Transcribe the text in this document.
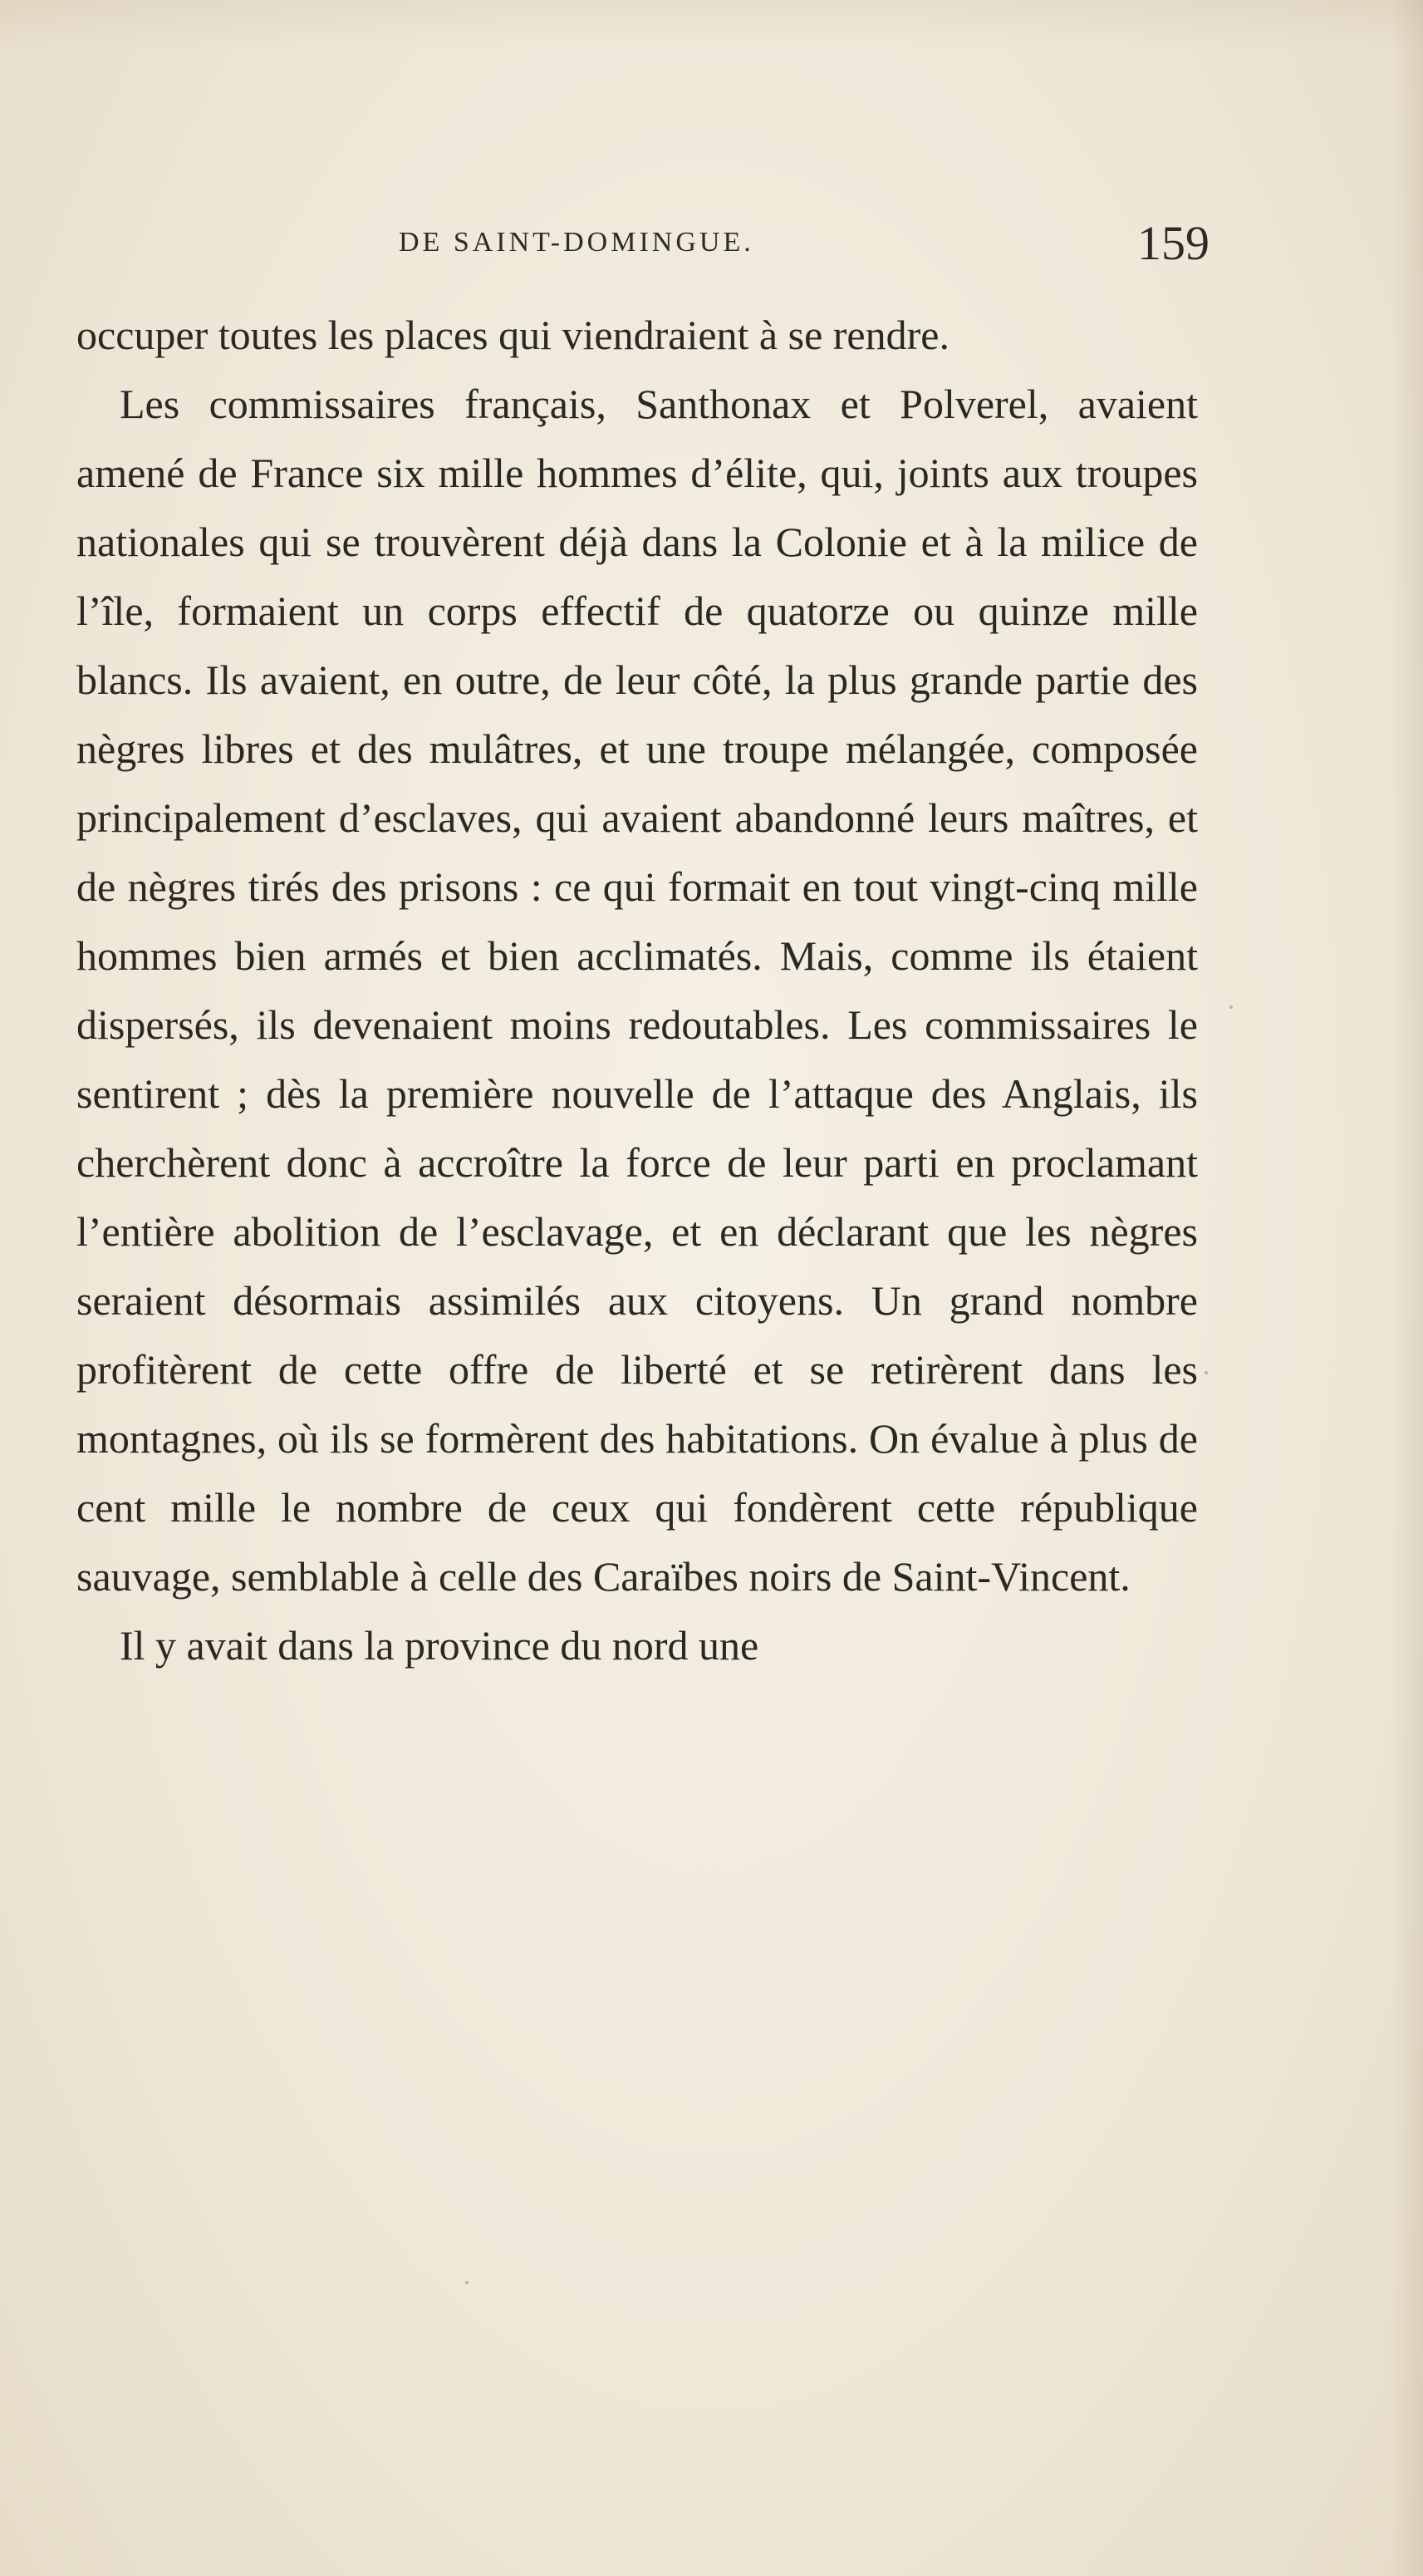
DE SAINT-DOMINGUE.	159

occuper toutes les places qui viendraient à se rendre.

Les commissaires français, Santhonax et Polverel, avaient amené de France six mille hommes d’élite, qui, joints aux troupes nationales qui se trouvèrent déjà dans la Colonie et à la milice de l’île, formaient un corps effectif de quatorze ou quinze mille blancs. Ils avaient, en outre, de leur côté, la plus grande partie des nègres libres et des mulâtres, et une troupe mélangée, composée principalement d’esclaves, qui avaient abandonné leurs maîtres, et de nègres tirés des prisons : ce qui formait en tout vingt-cinq mille hommes bien armés et bien acclimatés. Mais, comme ils étaient dispersés, ils devenaient moins redoutables. Les commissaires le sentirent ; dès la première nouvelle de l’attaque des Anglais, ils cherchèrent donc à accroître la force de leur parti en proclamant l’entière abolition de l’esclavage, et en déclarant que les nègres seraient désormais assimilés aux citoyens. Un grand nombre profitèrent de cette offre de liberté et se retirèrent dans les montagnes, où ils se formèrent des habitations. On évalue à plus de cent mille le nombre de ceux qui fondèrent cette république sauvage, semblable à celle des Caraïbes noirs de Saint-Vincent.

Il y avait dans la province du nord une
